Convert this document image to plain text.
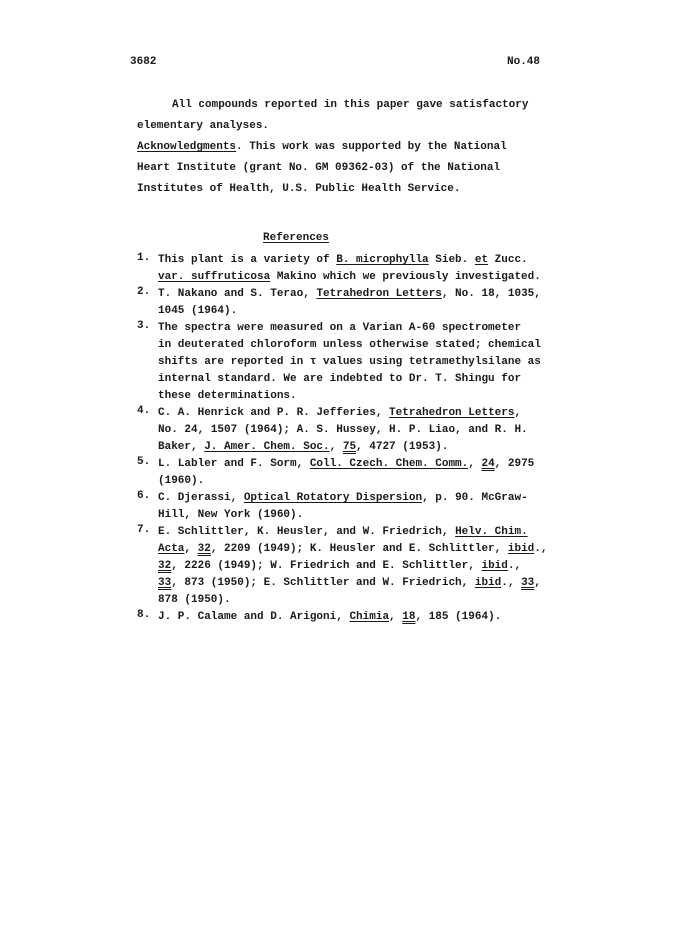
3682	No.48
All compounds reported in this paper gave satisfactory
elementary analyses.
Acknowledgments. This work was supported by the National
Heart Institute (grant No. GM 09362-03) of the National
Institutes of Health, U.S. Public Health Service.
References
1. This plant is a variety of B. microphylla Sieb. et Zucc.
var. suffruticosa Makino which we previously investigated.
2. T. Nakano and S. Terao, Tetrahedron Letters, No. 18, 1035,
1045 (1964).
3. The spectra were measured on a Varian A-60 spectrometer
in deuterated chloroform unless otherwise stated; chemical
shifts are reported in τ values using tetramethylsilane as
internal standard. We are indebted to Dr. T. Shingu for
these determinations.
4. C. A. Henrick and P. R. Jefferies, Tetrahedron Letters,
No. 24, 1507 (1964); A. S. Hussey, H. P. Liao, and R. H.
Baker, J. Amer. Chem. Soc., 75, 4727 (1953).
5. L. Labler and F. Sorm, Coll. Czech. Chem. Comm., 24, 2975
(1960).
6. C. Djerassi, Optical Rotatory Dispersion, p. 90. McGraw-
Hill, New York (1960).
7. E. Schlittler, K. Heusler, and W. Friedrich, Helv. Chim.
Acta, 32, 2209 (1949); K. Heusler and E. Schlittler, ibid.,
32, 2226 (1949); W. Friedrich and E. Schlittler, ibid.,
33, 873 (1950); E. Schlittler and W. Friedrich, ibid., 33,
878 (1950).
8. J. P. Calame and D. Arigoni, Chimia, 18, 185 (1964).
